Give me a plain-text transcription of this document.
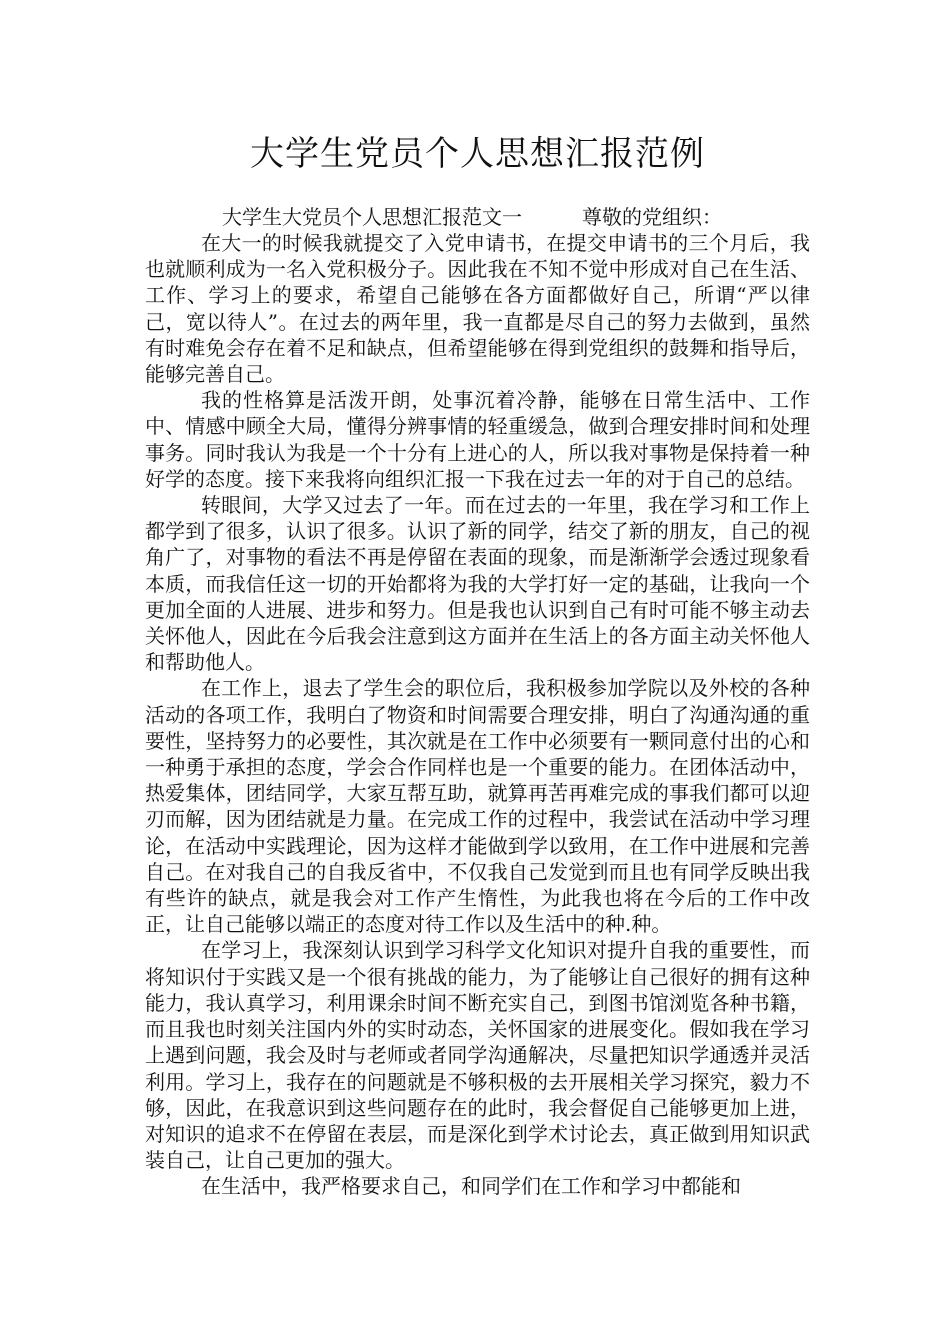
大学生党员个人思想汇报范例
大学生大党员个人思想汇报范文一	尊敬的党组织：

在大一的时候我就提交了入党申请书，在提交申请书的三个月后，我也就顺利成为一名入党积极分子。因此我在不知不觉中形成对自己在生活、工作、学习上的要求，希望自己能够在各方面都做好自己，所谓“严以律己，宽以待人”。在过去的两年里，我一直都是尽自己的努力去做到，虽然有时难免会存在着不足和缺点，但希望能够在得到党组织的鼓舞和指导后，能够完善自己。

我的性格算是活泼开朗，处事沉着冷静，能够在日常生活中、工作中、情感中顾全大局，懂得分辨事情的轻重缓急，做到合理安排时间和处理事务。同时我认为我是一个十分有上进心的人，所以我对事物是保持着一种好学的态度。接下来我将向组织汇报一下我在过去一年的对于自己的总结。

转眼间，大学又过去了一年。而在过去的一年里，我在学习和工作上都学到了很多，认识了很多。认识了新的同学，结交了新的朋友，自己的视角广了，对事物的看法不再是停留在表面的现象，而是渐渐学会透过现象看本质，而我信任这一切的开始都将为我的大学打好一定的基础，让我向一个更加全面的人进展、进步和努力。但是我也认识到自己有时可能不够主动去关怀他人，因此在今后我会注意到这方面并在生活上的各方面主动关怀他人和帮助他人。

在工作上，退去了学生会的职位后，我积极参加学院以及外校的各种活动的各项工作，我明白了物资和时间需要合理安排，明白了沟通沟通的重要性，坚持努力的必要性，其次就是在工作中必须要有一颗同意付出的心和一种勇于承担的态度，学会合作同样也是一个重要的能力。在团体活动中，热爱集体，团结同学，大家互帮互助，就算再苦再难完成的事我们都可以迎刃而解，因为团结就是力量。在完成工作的过程中，我尝试在活动中学习理论，在活动中实践理论，因为这样才能做到学以致用，在工作中进展和完善自己。在对我自己的自我反省中，不仅我自己发觉到而且也有同学反映出我有些许的缺点，就是我会对工作产生惰性，为此我也将在今后的工作中改正，让自己能够以端正的态度对待工作以及生活中的种.种。

在学习上，我深刻认识到学习科学文化知识对提升自我的重要性，而将知识付于实践又是一个很有挑战的能力，为了能够让自己很好的拥有这种能力，我认真学习，利用课余时间不断充实自己，到图书馆浏览各种书籍，而且我也时刻关注国内外的实时动态，关怀国家的进展变化。假如我在学习上遇到问题，我会及时与老师或者同学沟通解决，尽量把知识学通透并灵活利用。学习上，我存在的问题就是不够积极的去开展相关学习探究，毅力不够，因此，在我意识到这些问题存在的此时，我会督促自己能够更加上进，对知识的追求不在停留在表层，而是深化到学术讨论去，真正做到用知识武装自己，让自己更加的强大。

在生活中，我严格要求自己，和同学们在工作和学习中都能和
